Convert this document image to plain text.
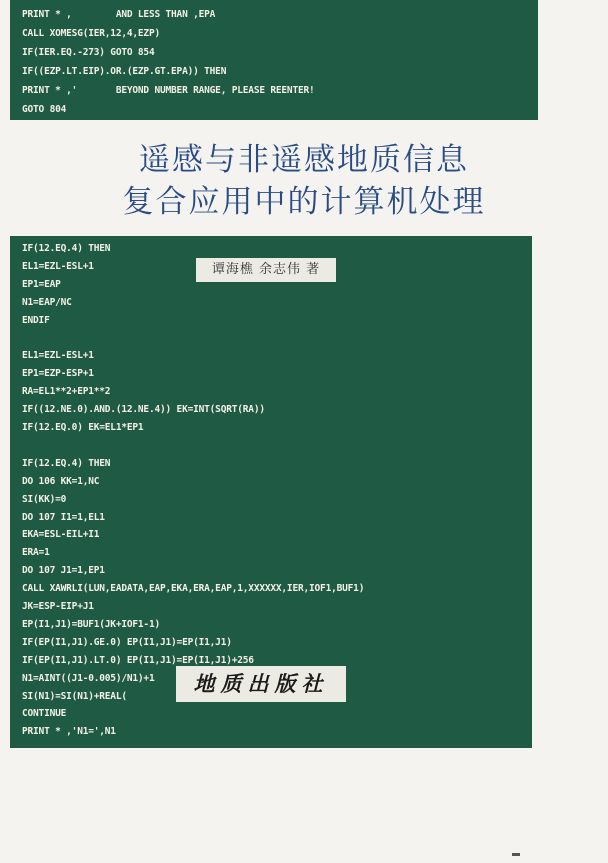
PRINT * ,        AND LESS THAN ,EPA
CALL XOMESG(IER,12,4,EZP)
IF(IER.EQ.-273) GOTO 854
IF((EZP.LT.EIP).OR.(EZP.GT.EPA)) THEN
PRINT * ,'       BEYOND NUMBER RANGE, PLEASE REENTER!
GOTO 804
遥感与非遥感地质信息
复合应用中的计算机处理
IF(12.EQ.4) THEN
EL1=EZL-ESL+1
EP1=EAP
N1=EAP/NC
ENDIF
EL1=EZL-ESL+1
EP1=EZP-ESP+1
RA=EL1**2+EP1**2
IF((12.NE.0).AND.(12.NE.4)) EK=INT(SQRT(RA))
IF(12.EQ.0) EK=EL1*EP1
IF(12.EQ.4) THEN
DO 106 KK=1,NC
SI(KK)=0
DO 107 I1=1,EL1
EKA=ESL-EIL+I1
ERA=1
DO 107 J1=1,EP1
CALL XAWRLI(LUN,EADATA,EAP,EKA,ERA,EAP,1,XXXXXX,IER,IOF1,BUF1)
JK=ESP-EIP+J1
EP(I1,J1)=BUF1(JK+IOF1-1)
IF(EP(I1,J1).GE.0) EP(I1,J1)=EP(I1,J1)
IF(EP(I1,J1).LT.0) EP(I1,J1)=EP(I1,J1)+256
N1=AINT((J1-0.005)/N1)+1
SI(N1)=SI(N1)+REAL(
CONTINUE
PRINT * ,'N1=',N1
谭海樵 余志伟 著
地质出版社
